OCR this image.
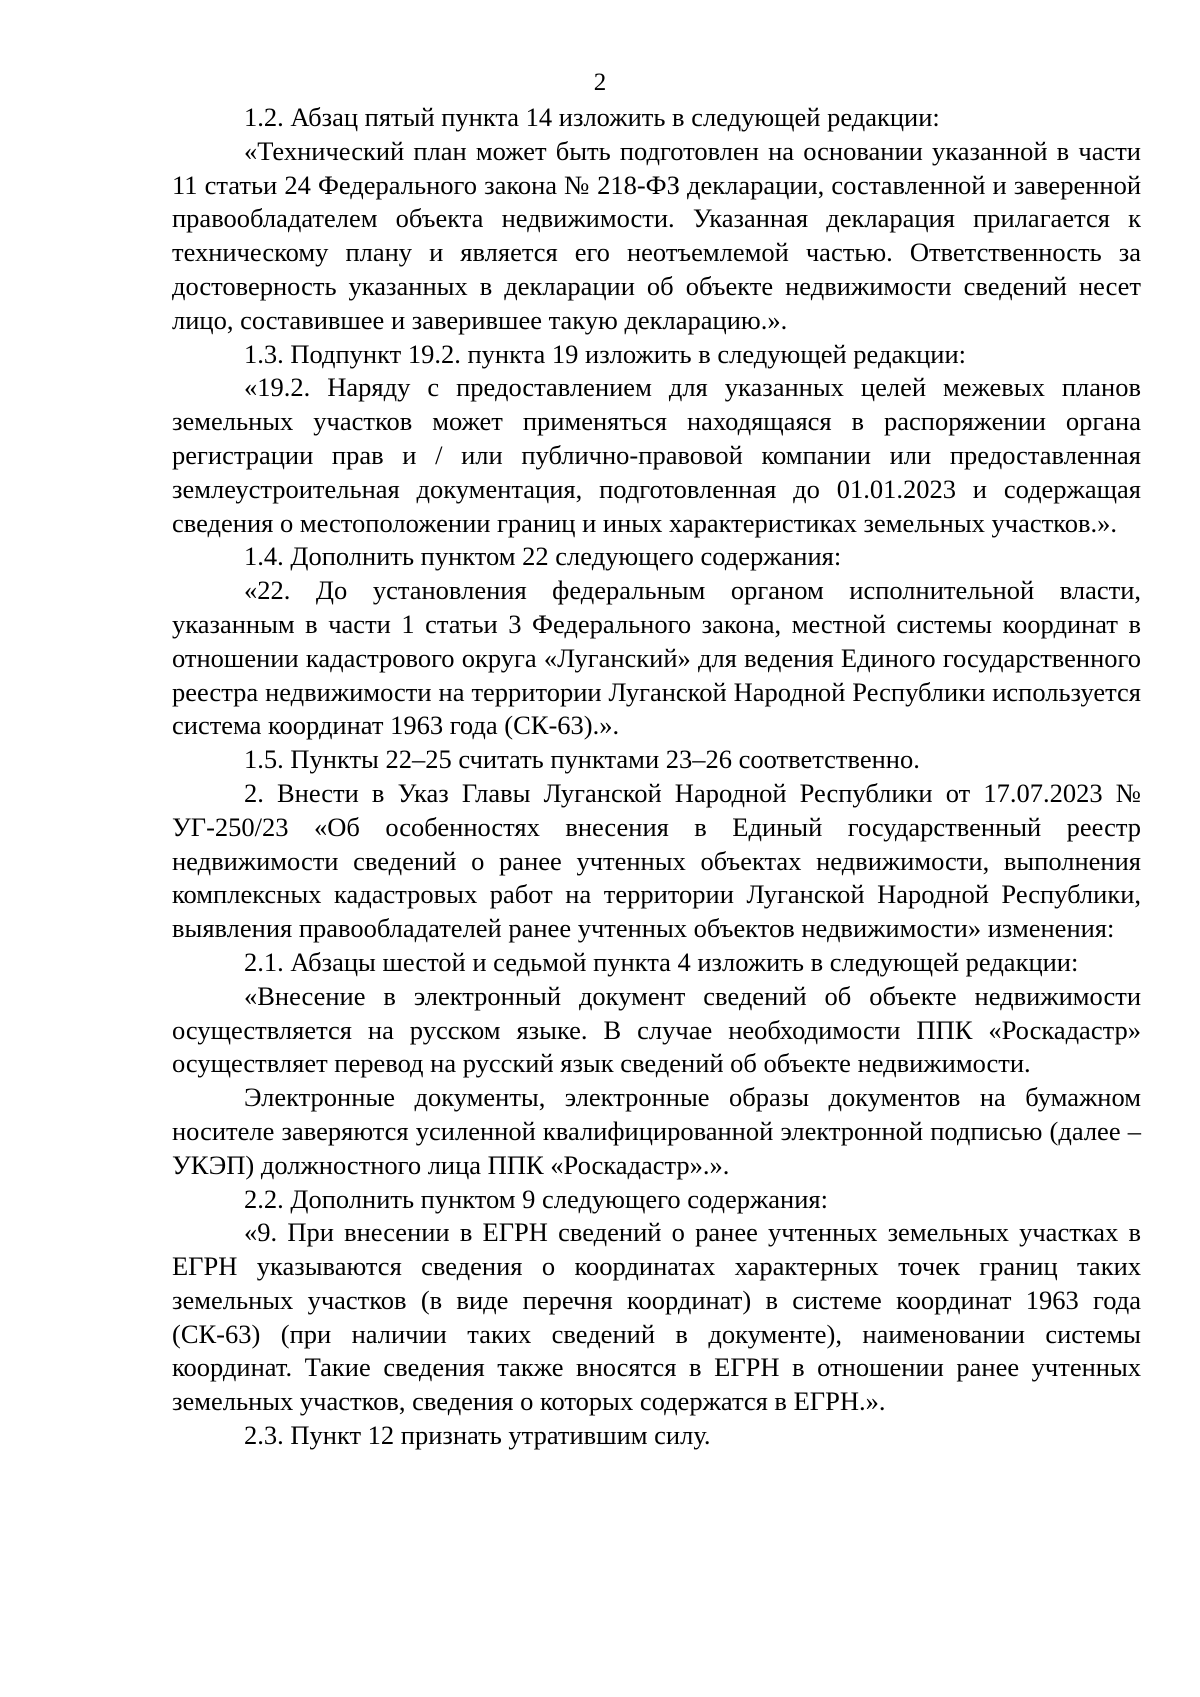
2

1.2. Абзац пятый пункта 14 изложить в следующей редакции:

«Технический план может быть подготовлен на основании указанной в части 11 статьи 24 Федерального закона № 218-ФЗ декларации, составленной и заверенной правообладателем объекта недвижимости. Указанная декларация прилагается к техническому плану и является его неотъемлемой частью. Ответственность за достоверность указанных в декларации об объекте недвижимости сведений несет лицо, составившее и заверившее такую декларацию.».

1.3. Подпункт 19.2. пункта 19 изложить в следующей редакции:

«19.2. Наряду с предоставлением для указанных целей межевых планов земельных участков может применяться находящаяся в распоряжении органа регистрации прав и / или публично-правовой компании или предоставленная землеустроительная документация, подготовленная до 01.01.2023 и содержащая сведения о местоположении границ и иных характеристиках земельных участков.».

1.4. Дополнить пунктом 22 следующего содержания:

«22. До установления федеральным органом исполнительной власти, указанным в части 1 статьи 3 Федерального закона, местной системы координат в отношении кадастрового округа «Луганский» для ведения Единого государственного реестра недвижимости на территории Луганской Народной Республики используется система координат 1963 года (СК-63).».

1.5. Пункты 22–25 считать пунктами 23–26 соответственно.

2. Внести в Указ Главы Луганской Народной Республики от 17.07.2023 № УГ-250/23 «Об особенностях внесения в Единый государственный реестр недвижимости сведений о ранее учтенных объектах недвижимости, выполнения комплексных кадастровых работ на территории Луганской Народной Республики, выявления правообладателей ранее учтенных объектов недвижимости» изменения:

2.1. Абзацы шестой и седьмой пункта 4 изложить в следующей редакции:

«Внесение в электронный документ сведений об объекте недвижимости осуществляется на русском языке. В случае необходимости ППК «Роскадастр» осуществляет перевод на русский язык сведений об объекте недвижимости.

Электронные документы, электронные образы документов на бумажном носителе заверяются усиленной квалифицированной электронной подписью (далее – УКЭП) должностного лица ППК «Роскадастр».».

2.2. Дополнить пунктом 9 следующего содержания:

«9. При внесении в ЕГРН сведений о ранее учтенных земельных участках в ЕГРН указываются сведения о координатах характерных точек границ таких земельных участков (в виде перечня координат) в системе координат 1963 года (СК-63) (при наличии таких сведений в документе), наименовании системы координат. Такие сведения также вносятся в ЕГРН в отношении ранее учтенных земельных участков, сведения о которых содержатся в ЕГРН.».

2.3. Пункт 12 признать утратившим силу.
